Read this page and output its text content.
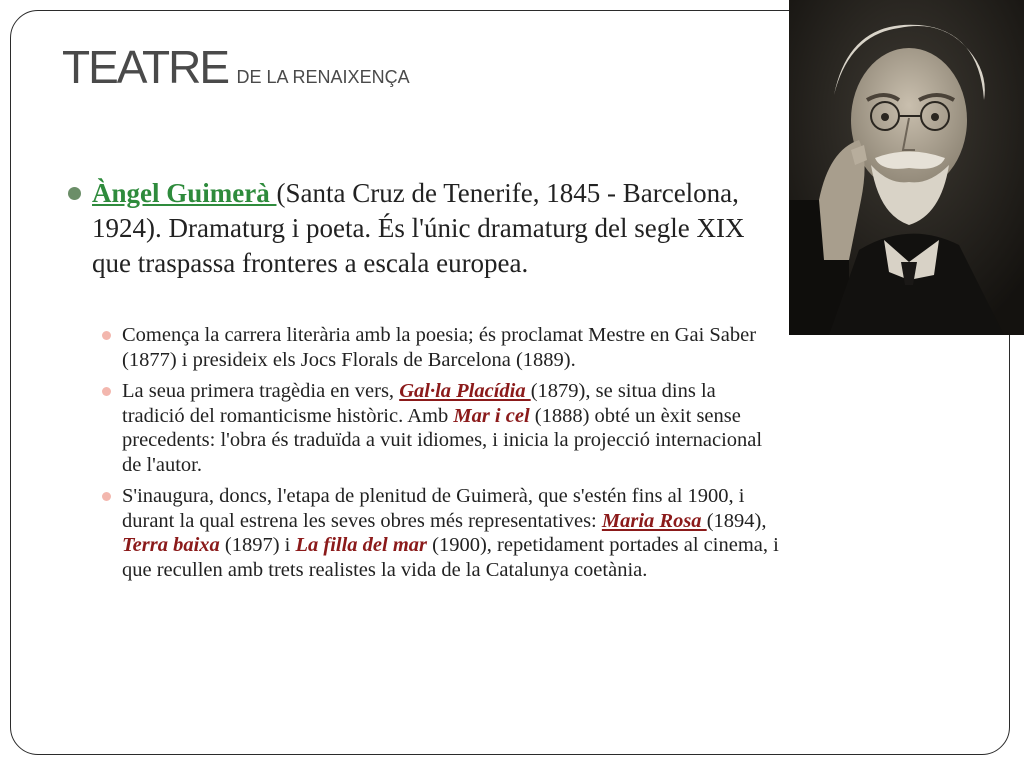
TEATRE DE LA RENAIXENÇA
Àngel Guimerà (Santa Cruz de Tenerife, 1845 - Barcelona, 1924). Dramaturg i poeta. És l'únic dramaturg del segle XIX que traspassa fronteres a escala europea.
Comença la carrera literària amb la poesia; és proclamat Mestre en Gai Saber (1877) i presideix els Jocs Florals de Barcelona (1889).
La seua primera tragèdia en vers, Gal·la Placídia (1879), se situa dins la tradició del romanticisme històric. Amb Mar i cel (1888) obté un èxit sense precedents: l'obra és traduïda a vuit idiomes, i inicia la projecció internacional de l'autor.
S'inaugura, doncs, l'etapa de plenitud de Guimerà, que s'estén fins al 1900, i durant la qual estrena les seves obres més representatives: Maria Rosa (1894), Terra baixa (1897) i La filla del mar (1900), repetidament portades al cinema, i que recullen amb trets realistes la vida de la Catalunya coetània.
